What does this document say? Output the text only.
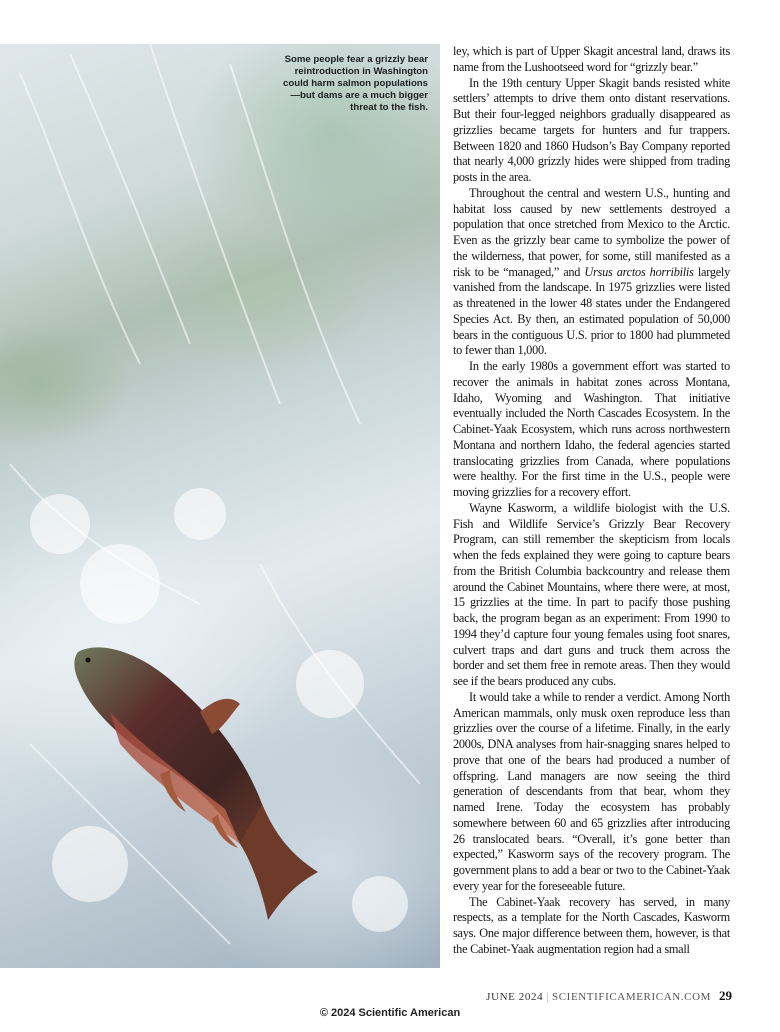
Some people fear a grizzly bear reintroduction in Washington could harm salmon populations—but dams are a much bigger threat to the fish.

ley, which is part of Upper Skagit ancestral land, draws its name from the Lushootseed word for “grizzly bear.”

In the 19th century Upper Skagit bands resisted white settlers’ attempts to drive them onto distant reservations. But their four-legged neighbors gradually disappeared as grizzlies became targets for hunters and fur trappers. Between 1820 and 1860 Hudson’s Bay Company reported that nearly 4,000 grizzly hides were shipped from trading posts in the area.

Throughout the central and western U.S., hunting and habitat loss caused by new settlements destroyed a population that once stretched from Mexico to the Arctic. Even as the grizzly bear came to symbolize the power of the wilderness, that power, for some, still manifested as a risk to be “managed,” and Ursus arctos horribilis largely vanished from the landscape. In 1975 grizzlies were listed as threatened in the lower 48 states under the Endangered Species Act. By then, an estimated population of 50,000 bears in the contiguous U.S. prior to 1800 had plummeted to fewer than 1,000.

In the early 1980s a government effort was started to recover the animals in habitat zones across Montana, Idaho, Wyoming and Washington. That initiative eventually included the North Cascades Ecosystem. In the Cabinet-Yaak Ecosystem, which runs across northwestern Montana and northern Idaho, the federal agencies started translocating grizzlies from Canada, where populations were healthy. For the first time in the U.S., people were moving grizzlies for a recovery effort.

Wayne Kasworm, a wildlife biologist with the U.S. Fish and Wildlife Service’s Grizzly Bear Recovery Program, can still remember the skepticism from locals when the feds explained they were going to capture bears from the British Columbia backcountry and release them around the Cabinet Mountains, where there were, at most, 15 grizzlies at the time. In part to pacify those pushing back, the program began as an experiment: From 1990 to 1994 they’d capture four young females using foot snares, culvert traps and dart guns and truck them across the border and set them free in remote areas. Then they would see if the bears produced any cubs.

It would take a while to render a verdict. Among North American mammals, only musk oxen reproduce less than grizzlies over the course of a lifetime. Finally, in the early 2000s, DNA analyses from hair-snagging snares helped to prove that one of the bears had produced a number of offspring. Land managers are now seeing the third generation of descendants from that bear, whom they named Irene. Today the ecosystem has probably somewhere between 60 and 65 grizzlies after introducing 26 translocated bears. “Overall, it’s gone better than expected,” Kasworm says of the recovery program. The government plans to add a bear or two to the Cabinet-Yaak every year for the foreseeable future.

The Cabinet-Yaak recovery has served, in many respects, as a template for the North Cascades, Kasworm says. One major difference between them, however, is that the Cabinet-Yaak augmentation region had a small

JUNE 2024 | SCIENTIFICAMERICAN.COM 29
© 2024 Scientific American
